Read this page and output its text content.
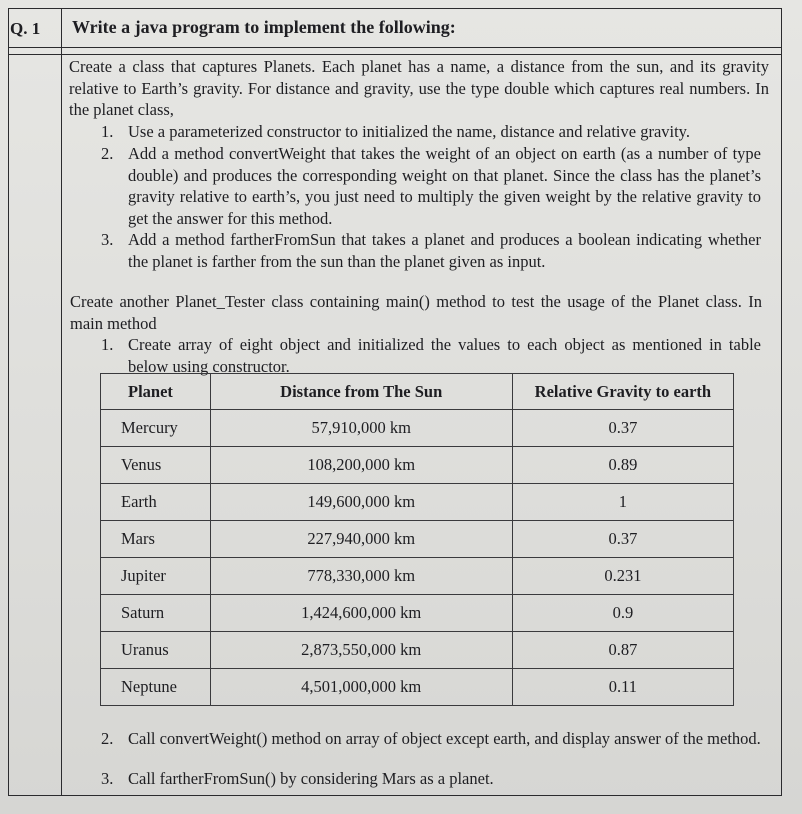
Q. 1 Write a java program to implement the following:

Create a class that captures Planets. Each planet has a name, a distance from the sun, and its gravity relative to Earth’s gravity. For distance and gravity, use the type double which captures real numbers. In the planet class,

1. Use a parameterized constructor to initialized the name, distance and relative gravity.
2. Add a method convertWeight that takes the weight of an object on earth (as a number of type double) and produces the corresponding weight on that planet. Since the class has the planet’s gravity relative to earth’s, you just need to multiply the given weight by the relative gravity to get the answer for this method.
3. Add a method fartherFromSun that takes a planet and produces a boolean indicating whether the planet is farther from the sun than the planet given as input.

Create another Planet_Tester class containing main() method to test the usage of the Planet class. In main method

1. Create array of eight object and initialized the values to each object as mentioned in table below using constructor.
Planet	Distance from The Sun	Relative Gravity to earth
Mercury	57,910,000 km	0.37
Venus	108,200,000 km	0.89
Earth	149,600,000 km	1
Mars	227,940,000 km	0.37
Jupiter	778,330,000 km	0.231
Saturn	1,424,600,000 km	0.9
Uranus	2,873,550,000 km	0.87
Neptune	4,501,000,000 km	0.11
2. Call convertWeight() method on array of object except earth, and display answer of the method.
3. Call fartherFromSun() by considering Mars as a planet.
